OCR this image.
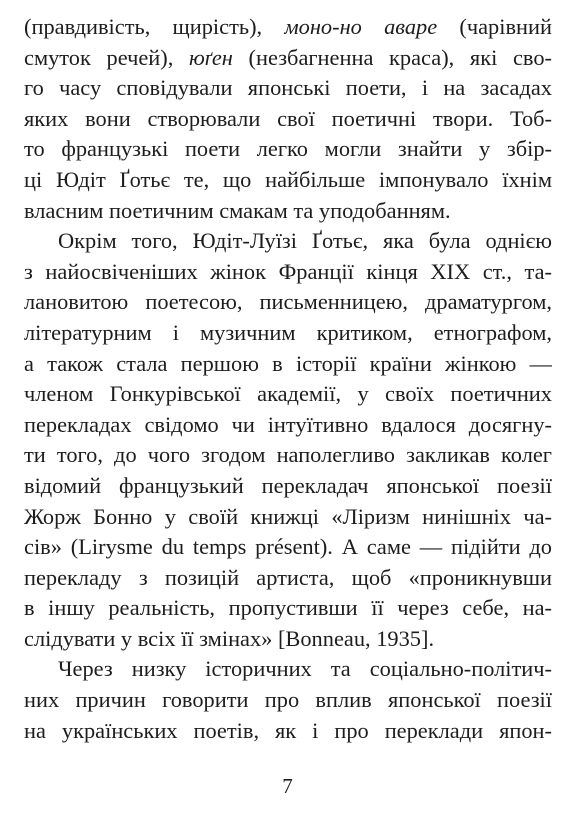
(правдивість, щирість), моно-но аваре (чарівний
смуток речей), юґен (незбагненна краса), які сво-
го часу сповідували японські поети, і на засадах
яких вони створювали свої поетичні твори. Тоб-
то французькі поети легко могли знайти у збір-
ці Юдіт Ґотьє те, що найбільше імпонувало їхнім
власним поетичним смакам та уподобанням.
Окрім того, Юдіт-Луїзі Ґотьє, яка була однією
з найосвіченіших жінок Франції кінця XIX ст., та-
лановитою поетесою, письменницею, драматургом,
літературним і музичним критиком, етнографом,
а також стала першою в історії країни жінкою —
членом Гонкурівської академії, у своїх поетичних
перекладах свідомо чи інтуїтивно вдалося досягну-
ти того, до чого згодом наполегливо закликав колег
відомий французький перекладач японської поезії
Жорж Бонно у своїй книжці «Ліризм нинішніх ча-
сів» (Lirysme du temps présent). А саме — підійти до
перекладу з позицій артиста, щоб «проникнувши
в іншу реальність, пропустивши її через себе, на-
слідувати у всіх її змінах» [Bonneau, 1935].
Через низку історичних та соціально-політич-
них причин говорити про вплив японської поезії
на українських поетів, як і про переклади япон-
7
